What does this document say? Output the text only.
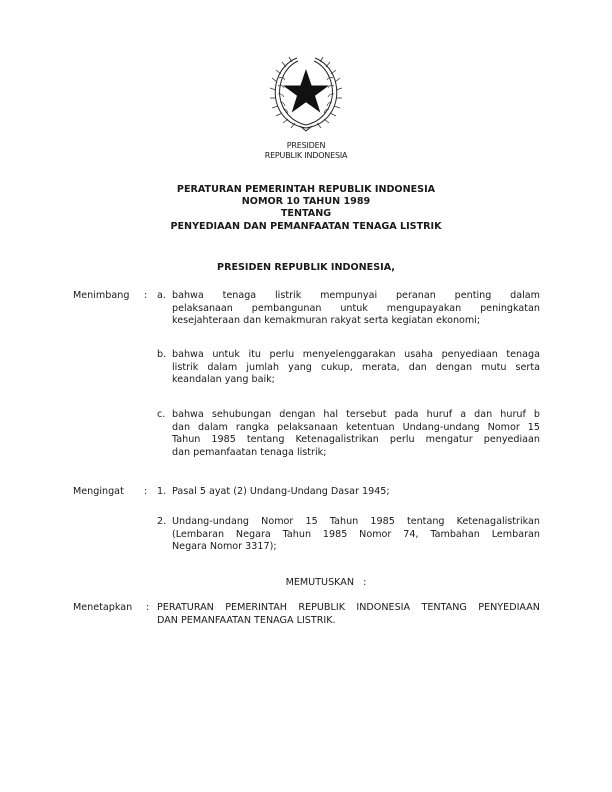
PRESIDEN
REPUBLIK INDONESIA
PERATURAN PEMERINTAH REPUBLIK INDONESIA
NOMOR 10 TAHUN 1989
TENTANG
PENYEDIAAN DAN PEMANFAATAN TENAGA LISTRIK
PRESIDEN REPUBLIK INDONESIA,
Menimbang : a. bahwa tenaga listrik mempunyai peranan penting dalam
pelaksanaan pembangunan untuk mengupayakan peningkatan
kesejahteraan dan kemakmuran rakyat serta kegiatan ekonomi;
b. bahwa untuk itu perlu menyelenggarakan usaha penyediaan tenaga
listrik dalam jumlah yang cukup, merata, dan dengan mutu serta
keandalan yang baik;
c. bahwa sehubungan dengan hal tersebut pada huruf a dan huruf b
dan dalam rangka pelaksanaan ketentuan Undang-undang Nomor 15
Tahun 1985 tentang Ketenagalistrikan perlu mengatur penyediaan
dan pemanfaatan tenaga listrik;
Mengingat : 1. Pasal 5 ayat (2) Undang-Undang Dasar 1945;
2. Undang-undang Nomor 15 Tahun 1985 tentang Ketenagalistrikan
(Lembaran Negara Tahun 1985 Nomor 74, Tambahan Lembaran
Negara Nomor 3317);
MEMUTUSKAN   :
Menetapkan : PERATURAN PEMERINTAH REPUBLIK INDONESIA TENTANG PENYEDIAAN
DAN PEMANFAATAN TENAGA LISTRIK.
